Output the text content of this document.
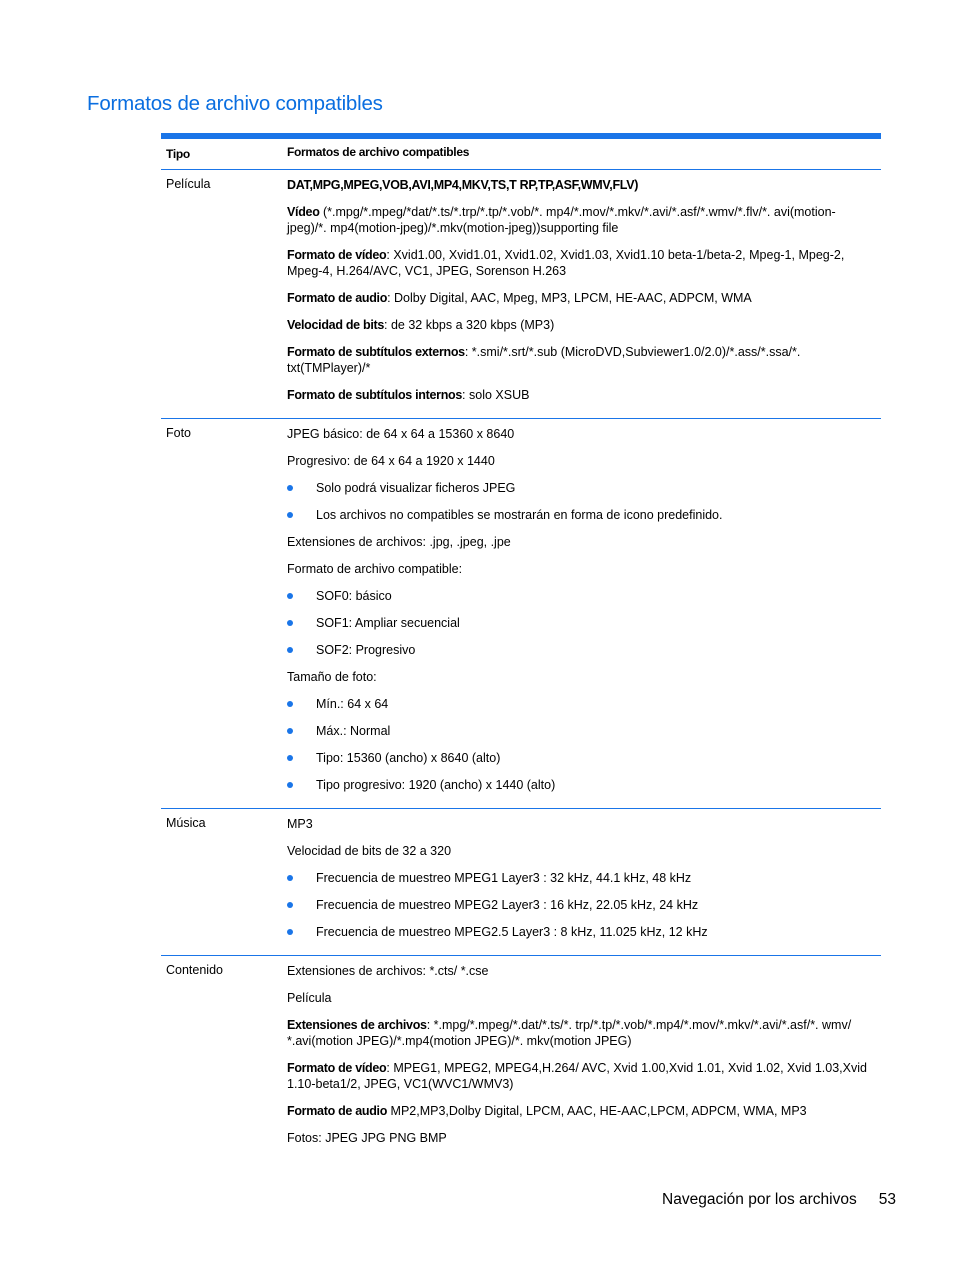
Formatos de archivo compatibles
Tipo	Formatos de archivo compatibles
Película	DAT,MPG,MPEG,VOB,AVI,MP4,MKV,TS,T RP,TP,ASF,WMV,FLV)

Vídeo (*.mpg/*.mpeg/*dat/*.ts/*.trp/*.tp/*.vob/*. mp4/*.mov/*.mkv/*.avi/*.asf/*.wmv/*.flv/*. avi(motion-jpeg)/*. mp4(motion-jpeg)/*.mkv(motion-jpeg))supporting file

Formato de vídeo: Xvid1.00, Xvid1.01, Xvid1.02, Xvid1.03, Xvid1.10 beta-1/beta-2, Mpeg-1, Mpeg-2, Mpeg-4, H.264/AVC, VC1, JPEG, Sorenson H.263

Formato de audio: Dolby Digital, AAC, Mpeg, MP3, LPCM, HE-AAC, ADPCM, WMA

Velocidad de bits: de 32 kbps a 320 kbps (MP3)

Formato de subtítulos externos: *.smi/*.srt/*.sub (MicroDVD,Subviewer1.0/2.0)/*.ass/*.ssa/*. txt(TMPlayer)/*

Formato de subtítulos internos: solo XSUB

Foto	JPEG básico: de 64 x 64 a 15360 x 8640

Progresivo: de 64 x 64 a 1920 x 1440

Solo podrá visualizar ficheros JPEG

Los archivos no compatibles se mostrarán en forma de icono predefinido.

Extensiones de archivos: .jpg, .jpeg, .jpe

Formato de archivo compatible:

SOF0: básico

SOF1: Ampliar secuencial

SOF2: Progresivo

Tamaño de foto:

Mín.: 64 x 64

Máx.: Normal

Tipo: 15360 (ancho) x 8640 (alto)

Tipo progresivo: 1920 (ancho) x 1440 (alto)

Música	MP3

Velocidad de bits de 32 a 320

Frecuencia de muestreo MPEG1 Layer3 : 32 kHz, 44.1 kHz, 48 kHz

Frecuencia de muestreo MPEG2 Layer3 : 16 kHz, 22.05 kHz, 24 kHz

Frecuencia de muestreo MPEG2.5 Layer3 : 8 kHz, 11.025 kHz, 12 kHz

Contenido	Extensiones de archivos: *.cts/ *.cse

Película

Extensiones de archivos: *.mpg/*.mpeg/*.dat/*.ts/*. trp/*.tp/*.vob/*.mp4/*.mov/*.mkv/*.avi/*.asf/*. wmv/ *.avi(motion JPEG)/*.mp4(motion JPEG)/*. mkv(motion JPEG)

Formato de vídeo: MPEG1, MPEG2, MPEG4,H.264/ AVC, Xvid 1.00,Xvid 1.01, Xvid 1.02, Xvid 1.03,Xvid 1.10-beta1/2, JPEG, VC1(WVC1/WMV3)

Formato de audio MP2,MP3,Dolby Digital, LPCM, AAC, HE-AAC,LPCM, ADPCM, WMA, MP3

Fotos: JPEG JPG PNG BMP

Navegación por los archivos 53
